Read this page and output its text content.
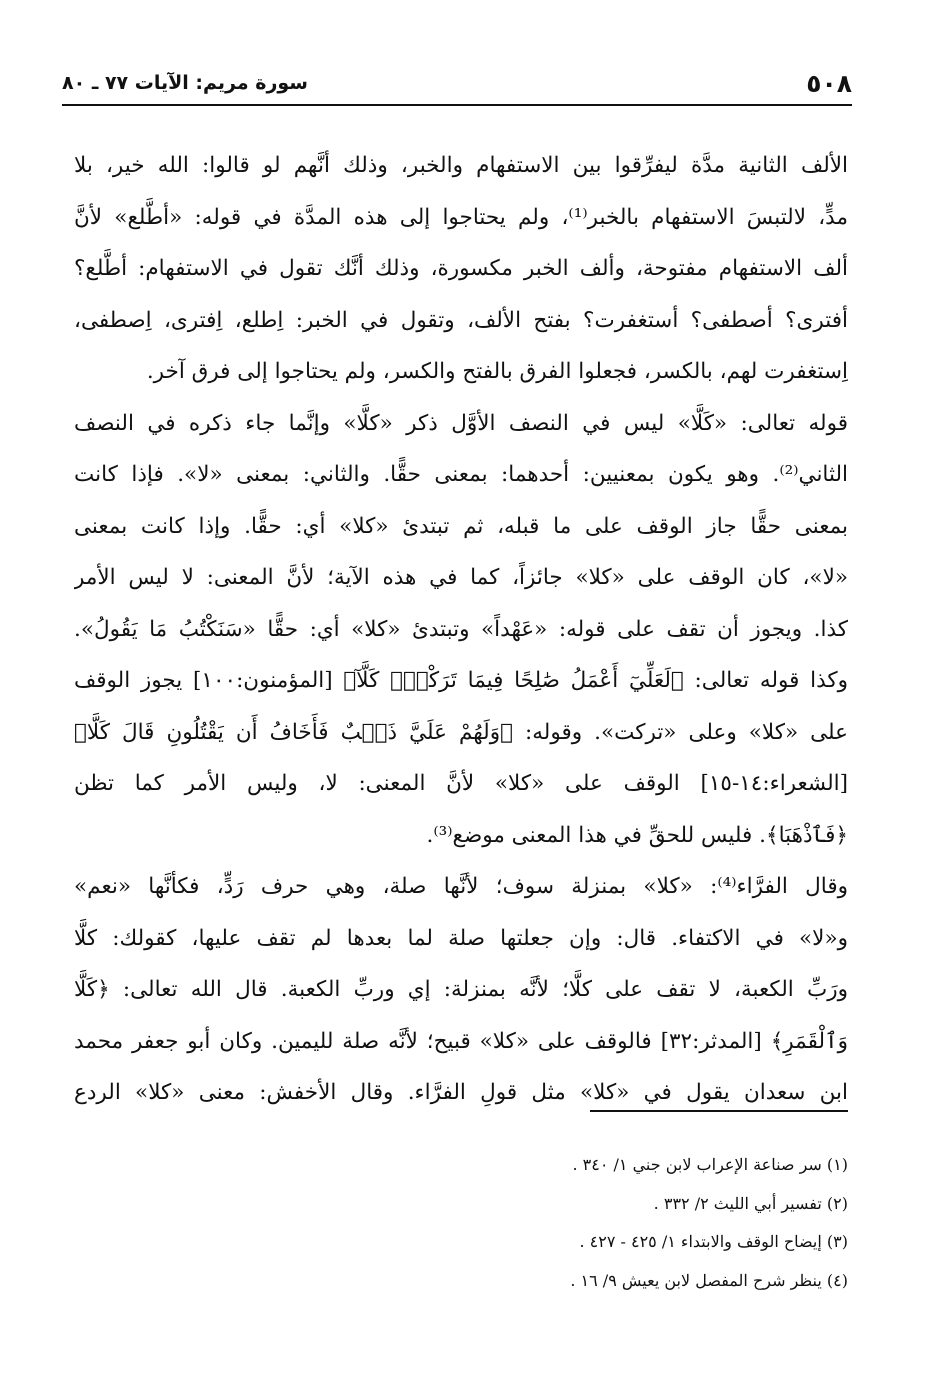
٥٠٨
سورة مريم: الآيات ٧٧ ـ ٨٠
الألف الثانية مدَّة ليفرِّقوا بين الاستفهام والخبر، وذلك أنَّهم لو قالوا: الله خير، بلا
مدٍّ، لالتبسَ الاستفهام بالخبر⁽¹⁾، ولم يحتاجوا إلى هذه المدَّة في قوله: «أطَّلع» لأنَّ
ألف الاستفهام مفتوحة، وألف الخبر مكسورة، وذلك أنَّك تقول في الاستفهام: أطَّلع؟
أفترى؟ أصطفى؟ أستغفرت؟ بفتح الألف، وتقول في الخبر: اِطلع، اِفترى، اِصطفى،
اِستغفرت لهم، بالكسر، فجعلوا الفرق بالفتح والكسر، ولم يحتاجوا إلى فرق آخر.
قوله تعالى: «كَلَّا» ليس في النصف الأوَّل ذكر «كلَّا» وإنَّما جاء ذكره في النصف
الثاني⁽²⁾. وهو يكون بمعنيين: أحدهما: بمعنى حقًّا. والثاني: بمعنى «لا». فإذا كانت
بمعنى حقًّا جاز الوقف على ما قبله، ثم تبتدئ «كلا» أي: حقًّا. وإذا كانت بمعنى
«لا»، كان الوقف على «كلا» جائزاً، كما في هذه الآية؛ لأنَّ المعنى: لا ليس الأمر
كذا. ويجوز أن تقف على قوله: «عَهْداً» وتبتدئ «كلا» أي: حقًّا «سَنَكْتُبُ مَا يَقُولُ».
وكذا قوله تعالى: ﴿لَعَلِّيٓ أَعْمَلُ صَٰلِحًا فِيمَا تَرَكْتُۚ كَلَّآ﴾ [المؤمنون:١٠٠] يجوز الوقف
على «كلا» وعلى «تركت». وقوله: ﴿وَلَهُمْ عَلَيَّ ذَنۢبٌ فَأَخَافُ أَن يَقْتُلُونِ قَالَ كَلَّا﴾
[الشعراء:١٤-١٥] الوقف على «كلا» لأنَّ المعنى: لا، وليس الأمر كما تظن
﴿فَٱذْهَبَا﴾. فليس للحقِّ في هذا المعنى موضع⁽³⁾.
وقال الفرَّاء⁽⁴⁾: «كلا» بمنزلة سوف؛ لأنَّها صلة، وهي حرف رَدٍّ، فكأنَّها «نعم»
و«لا» في الاكتفاء. قال: وإن جعلتها صلة لما بعدها لم تقف عليها، كقولك: كلَّا
ورَبِّ الكعبة، لا تقف على كلَّا؛ لأنَّه بمنزلة: إي وربِّ الكعبة. قال الله تعالى: ﴿كَلَّا
وَٱلْقَمَرِ﴾ [المدثر:٣٢] فالوقف على «كلا» قبيح؛ لأنَّه صلة لليمين. وكان أبو جعفر محمد
ابن سعدان يقول في «كلا» مثل قولِ الفرَّاء. وقال الأخفش: معنى «كلا» الردع
(١) سر صناعة الإعراب لابن جني ١/ ٣٤٠ .
(٢) تفسير أبي الليث ٢/ ٣٣٢ .
(٣) إيضاح الوقف والابتداء ١/ ٤٢٥ - ٤٢٧ .
(٤) ينظر شرح المفصل لابن يعيش ٩/ ١٦ .
